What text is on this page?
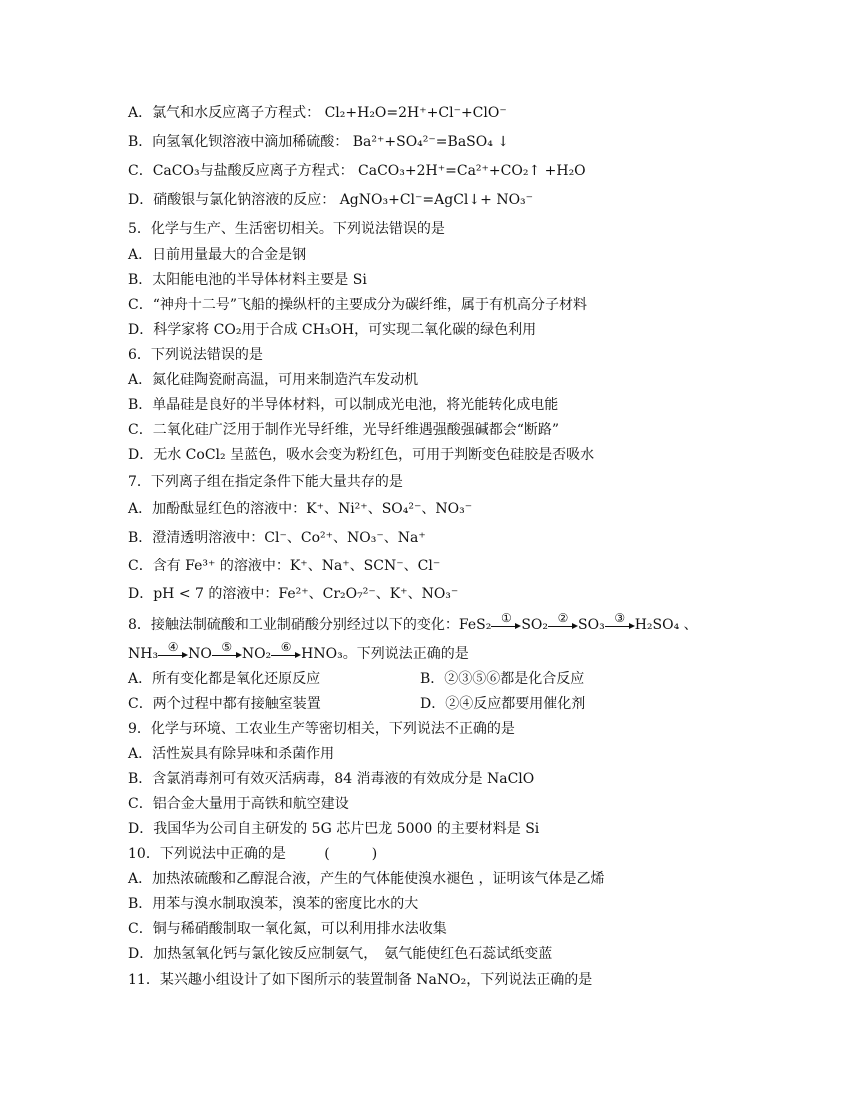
A．氯气和水反应离子方程式： Cl₂+H₂O=2H⁺+Cl⁻+ClO⁻
B．向氢氧化钡溶液中滴加稀硫酸： Ba²⁺+SO₄²⁻=BaSO₄ ↓
C．CaCO₃与盐酸反应离子方程式： CaCO₃+2H⁺=Ca²⁺+CO₂↑ +H₂O
D．硝酸银与氯化钠溶液的反应： AgNO₃+Cl⁻=AgCl↓+ NO₃⁻
5．化学与生产、生活密切相关。下列说法错误的是
A．日前用量最大的合金是钢
B．太阳能电池的半导体材料主要是 Si
C．“神舟十二号”飞船的操纵杆的主要成分为碳纤维，属于有机高分子材料
D．科学家将 CO₂用于合成 CH₃OH，可实现二氧化碳的绿色利用
6．下列说法错误的是
A．氮化硅陶瓷耐高温，可用来制造汽车发动机
B．单晶硅是良好的半导体材料，可以制成光电池，将光能转化成电能
C．二氧化硅广泛用于制作光导纤维，光导纤维遇强酸强碱都会“断路”
D．无水 CoCl₂ 呈蓝色，吸水会变为粉红色，可用于判断变色硅胶是否吸水
7．下列离子组在指定条件下能大量共存的是
A．加酚酞显红色的溶液中：K⁺、Ni²⁺、SO₄²⁻、NO₃⁻
B．澄清透明溶液中：Cl⁻、Co²⁺、NO₃⁻、Na⁺
C．含有 Fe³⁺ 的溶液中：K⁺、Na⁺、SCN⁻、Cl⁻
D．pH < 7 的溶液中：Fe²⁺、Cr₂O₇²⁻、K⁺、NO₃⁻
8．接触法制硫酸和工业制硝酸分别经过以下的变化：FeS₂ ① SO₂ ② SO₃ ③ H₂SO₄ 、
NH₃ ④ NO ⑤ NO₂ ⑥ HNO₃。下列说法正确的是
A．所有变化都是氧化还原反应	B．②③⑤⑥都是化合反应
C．两个过程中都有接触室装置	D．②④反应都要用催化剂
9．化学与环境、工农业生产等密切相关，下列说法不正确的是
A．活性炭具有除异味和杀菌作用
B．含氯消毒剂可有效灭活病毒，84 消毒液的有效成分是 NaClO
C．铝合金大量用于高铁和航空建设
D．我国华为公司自主研发的 5G 芯片巴龙 5000 的主要材料是 Si
10．下列说法中正确的是	(　　　)
A．加热浓硫酸和乙醇混合液，产生的气体能使溴水褪色 ，证明该气体是乙烯
B．用苯与溴水制取溴苯，溴苯的密度比水的大
C．铜与稀硝酸制取一氧化氮，可以利用排水法收集
D．加热氢氧化钙与氯化铵反应制氨气，　氨气能使红色石蕊试纸变蓝
11．某兴趣小组设计了如下图所示的装置制备 NaNO₂，下列说法正确的是
